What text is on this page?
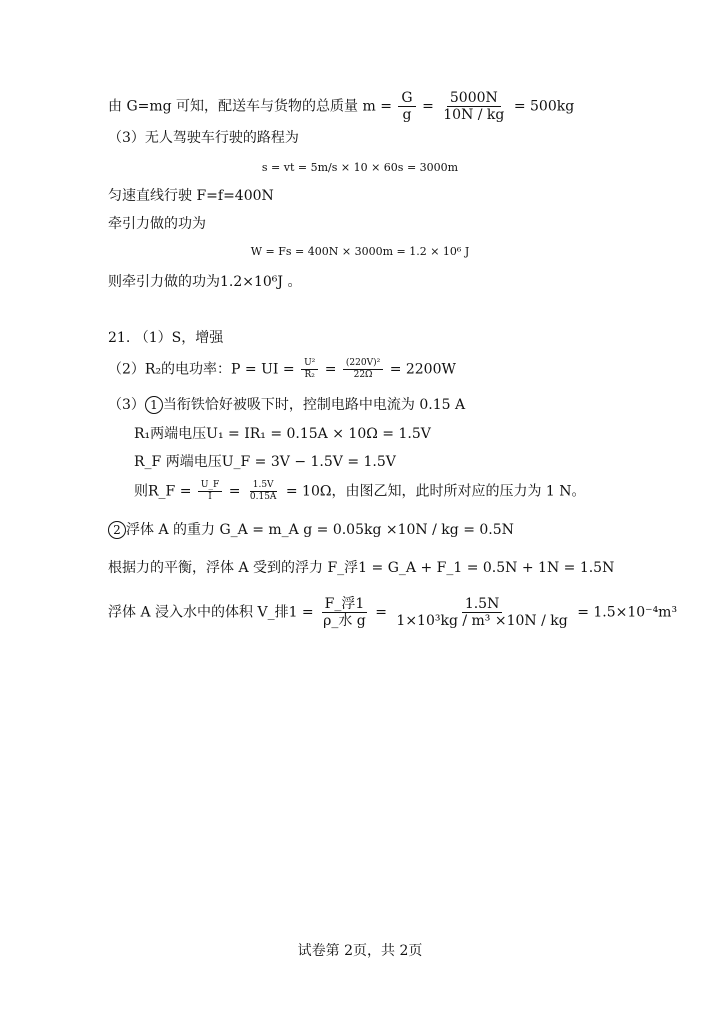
由 G=mg 可知，配送车与货物的总质量 $m = \frac{G}{g} = \frac{5000N}{10N / kg} = 500kg$
（3）无人驾驶车行驶的路程为
s = vt = 5m/s × 10 × 60s = 3000m
匀速直线行驶 F=f=400N
牵引力做的功为
W = Fs = 400N × 3000m = 1.2 × 10⁶ J
则牵引力做的功为1.2×10⁶J 。
21. （1）S，增强
（2）R₂的电功率：P = UI = $\frac{\text{U²}}{\text{R₂}} = \frac{\text{(220V)²}}{22\Omega} = 2200W$
（3） 1 当衔铁恰好被吸下时，控制电路中电流为 0.15 A
R₁两端电压U₁ = IR₁ = 0.15A × 10Ω = 1.5V
R_F 两端电压U_F = 3V − 1.5V = 1.5V
则R_F = $\frac{U\_F}{I} = \frac{1.5V}{0.15A} = 10\Omega$，由图乙知，此时所对应的压力为 1 N。
2 浮体 A 的重力 G_A = m_A g = 0.05kg ×10N / kg = 0.5N
根据力的平衡，浮体 A 受到的浮力 F_浮1 = G_A + F_1 = 0.5N + 1N = 1.5N
浮体 A 浸入水中的体积 V_排$1 = \frac{\text{F\_浮1}}{\text{ρ\_水 g}} = \frac{1.5N}{\text{1×10³kg / m³ ×10N / kg}} = 1.5\times 10^{-4}m^3$
试卷第 2页，共 2页
